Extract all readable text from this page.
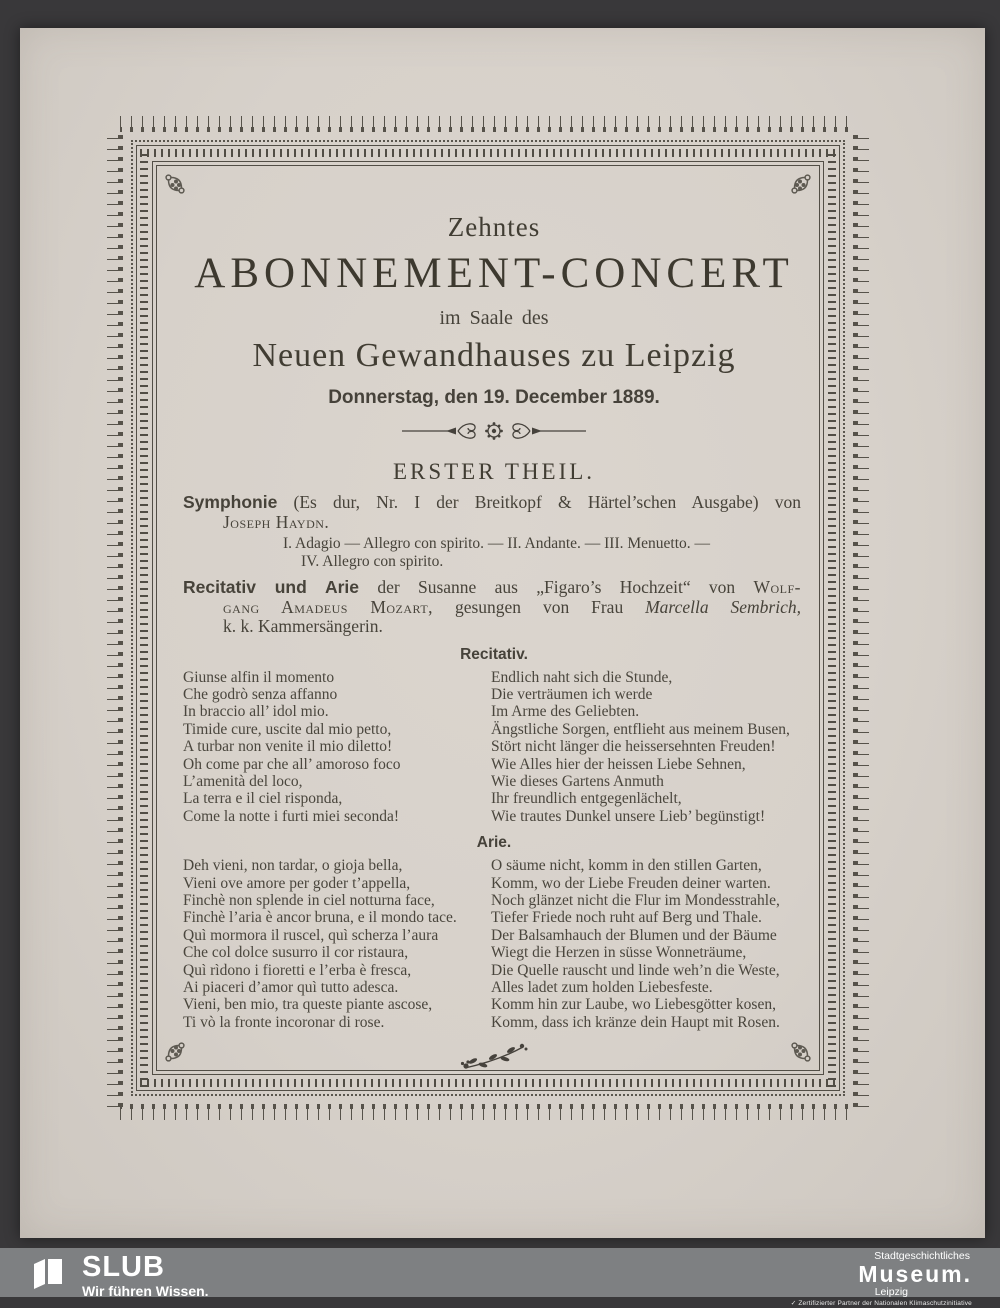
Zehntes
ABONNEMENT-CONCERT
im Saale des
Neuen Gewandhauses zu Leipzig
Donnerstag, den 19. December 1889.
ERSTER THEIL.
Symphonie (Es dur, Nr. I der Breitkopf & Härtel’schen Ausgabe) von
Joseph Haydn.
I. Adagio — Allegro con spirito. — II. Andante. — III. Menuetto. —
IV. Allegro con spirito.
Recitativ und Arie der Susanne aus „Figaro’s Hochzeit“ von Wolf-
gang Amadeus Mozart, gesungen von Frau Marcella Sembrich,
k. k. Kammersängerin.
Recitativ.
Giunse alfin il momento
Che godrò senza affanno
In braccio all’ idol mio.
Timide cure, uscite dal mio petto,
A turbar non venite il mio diletto!
Oh come par che all’ amoroso foco
L’amenità del loco,
La terra e il ciel risponda,
Come la notte i furti miei seconda!
Endlich naht sich die Stunde,
Die verträumen ich werde
Im Arme des Geliebten.
Ängstliche Sorgen, entflieht aus meinem Busen,
Stört nicht länger die heissersehnten Freuden!
Wie Alles hier der heissen Liebe Sehnen,
Wie dieses Gartens Anmuth
Ihr freundlich entgegenlächelt,
Wie trautes Dunkel unsere Lieb’ begünstigt!
Arie.
Deh vieni, non tardar, o gioja bella,
Vieni ove amore per goder t’appella,
Finchè non splende in ciel notturna face,
Finchè l’aria è ancor bruna, e il mondo tace.
Quì mormora il ruscel, quì scherza l’aura
Che col dolce susurro il cor ristaura,
Quì rìdono i fioretti e l’erba è fresca,
Ai piaceri d’amor quì tutto adesca.
Vieni, ben mio, tra queste piante ascose,
Ti vò la fronte incoronar di rose.
O säume nicht, komm in den stillen Garten,
Komm, wo der Liebe Freuden deiner warten.
Noch glänzet nicht die Flur im Mondesstrahle,
Tiefer Friede noch ruht auf Berg und Thale.
Der Balsamhauch der Blumen und der Bäume
Wiegt die Herzen in süsse Wonneträume,
Die Quelle rauscht und linde weh’n die Weste,
Alles ladet zum holden Liebesfeste.
Komm hin zur Laube, wo Liebesgötter kosen,
Komm, dass ich kränze dein Haupt mit Rosen.
SLUB
Wir führen Wissen.
Stadtgeschichtliches
Museum.
Leipzig
✓ Zertifizierter Partner der Nationalen Klimaschutzinitiative
